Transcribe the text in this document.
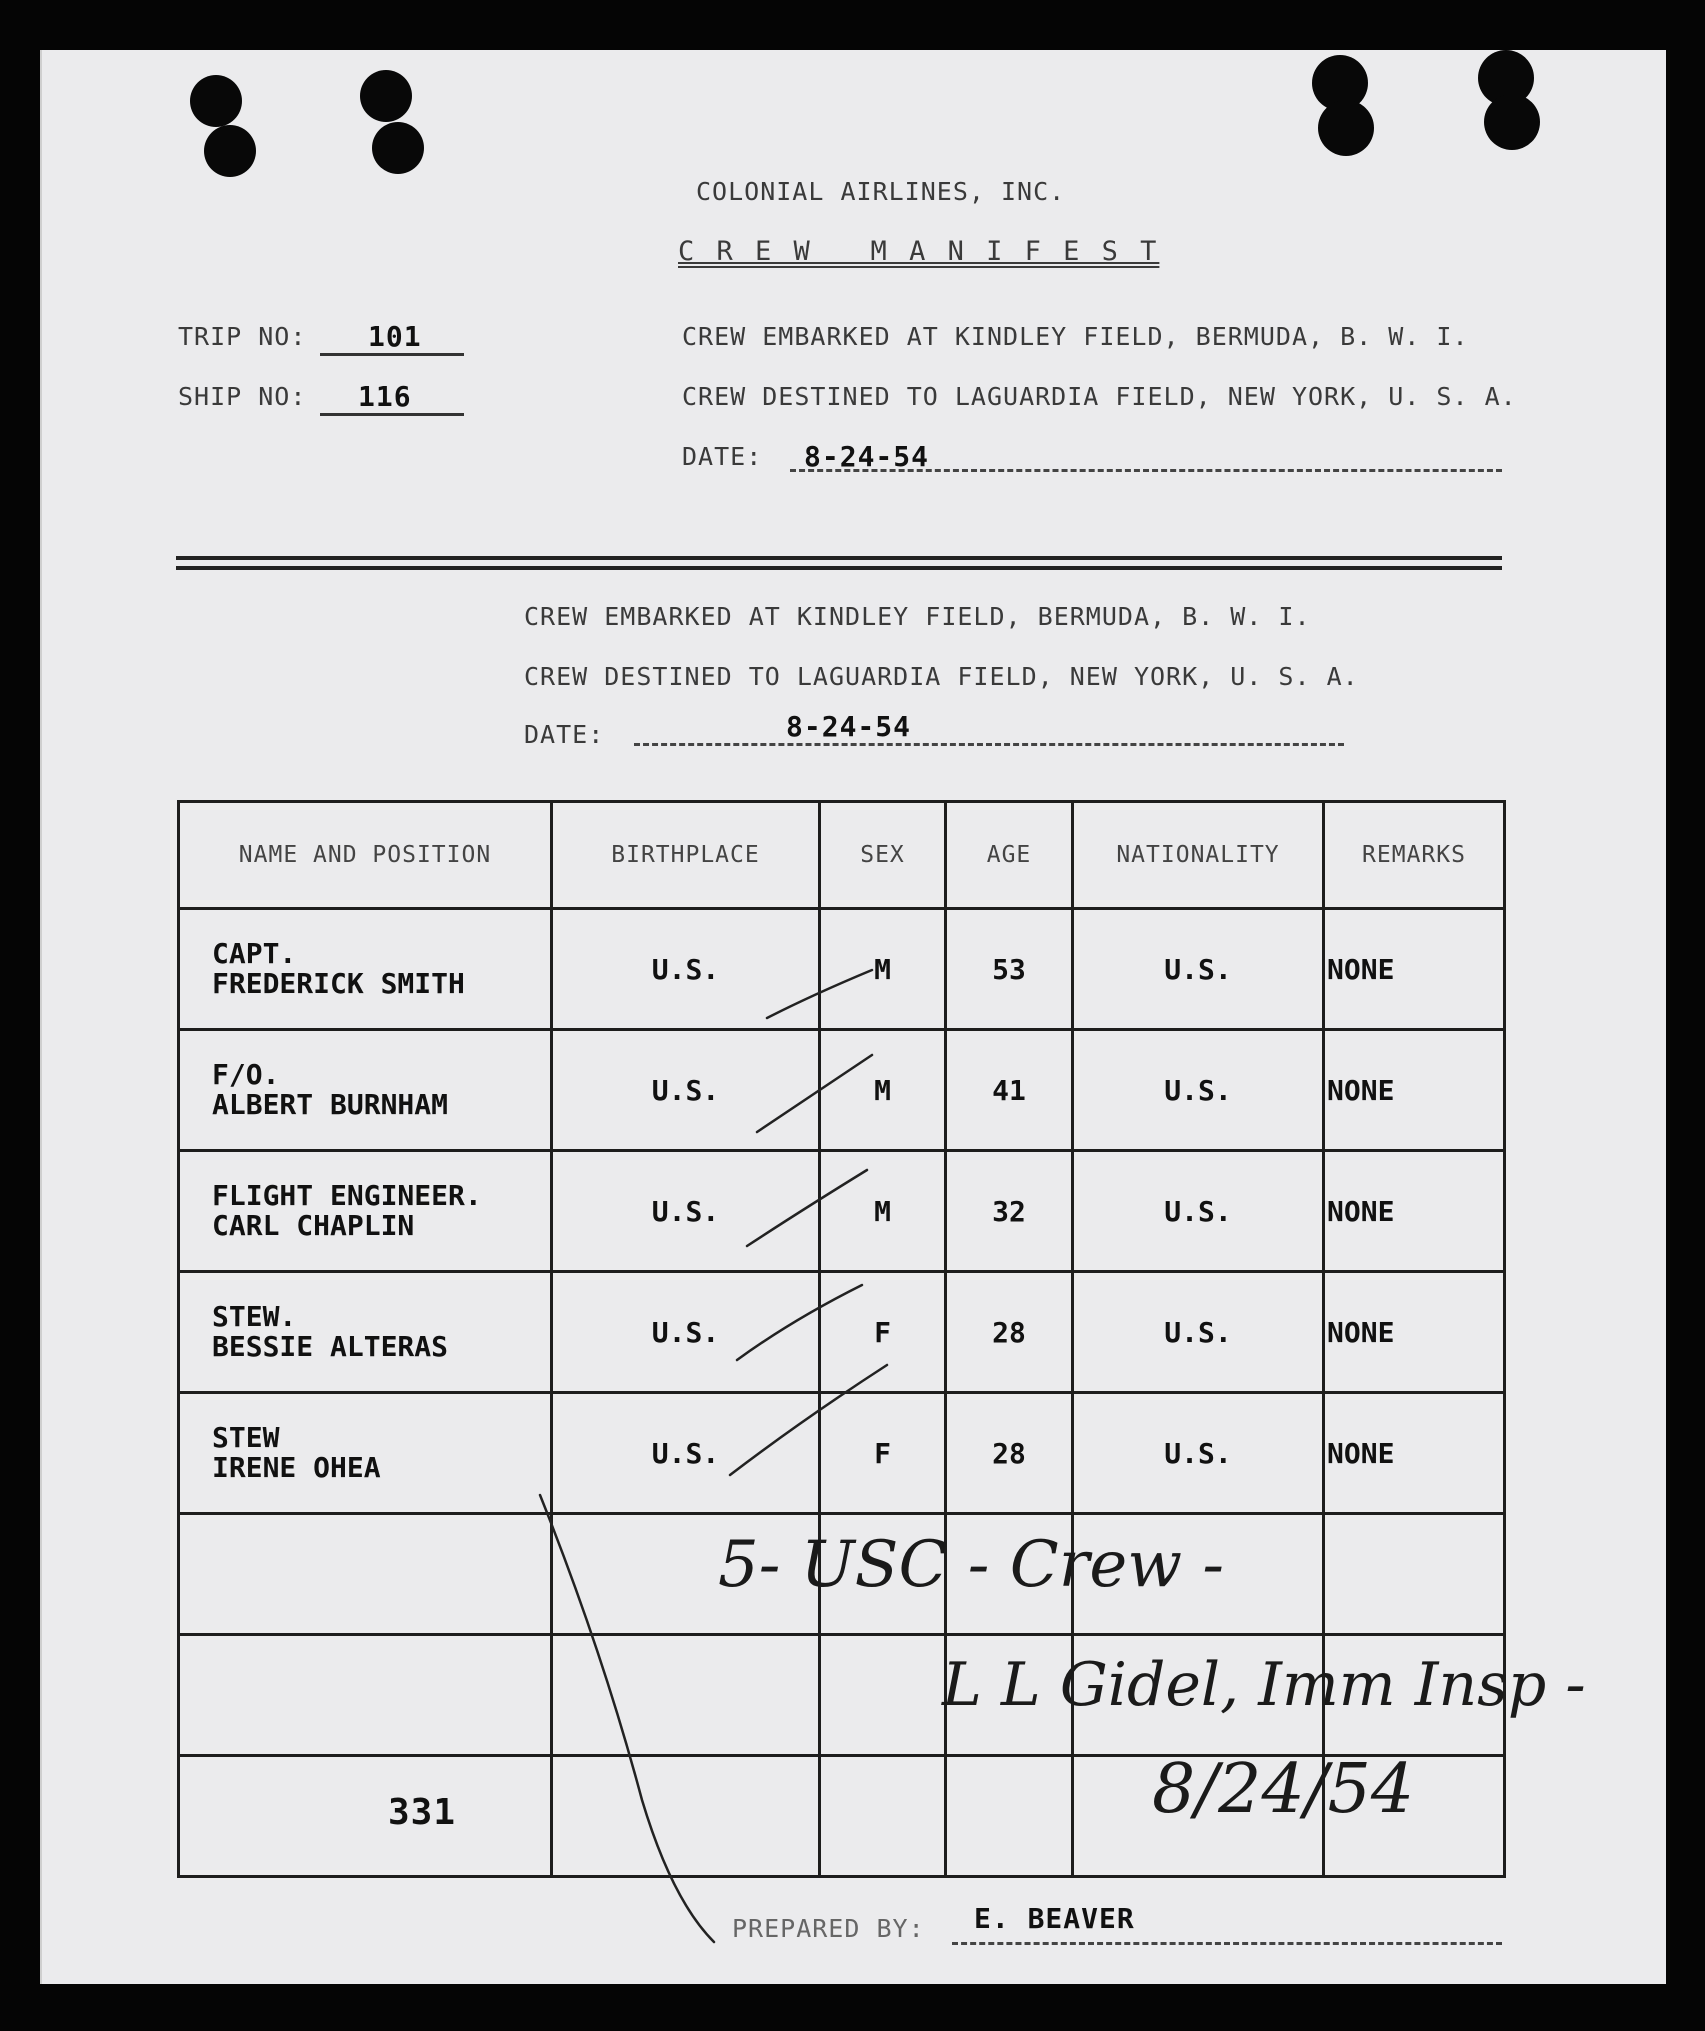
COLONIAL AIRLINES, INC.
C R E W   M A N I F E S T
TRIP NO: 101
SHIP NO: 116
CREW EMBARKED AT KINDLEY FIELD, BERMUDA, B. W. I.
CREW DESTINED TO LAGUARDIA FIELD, NEW YORK, U. S. A.
DATE: 8-24-54
CREW EMBARKED AT KINDLEY FIELD, BERMUDA, B. W. I.
CREW DESTINED TO LAGUARDIA FIELD, NEW YORK, U. S. A.
DATE:	8-24-54
NAME AND POSITION	BIRTHPLACE	SEX	AGE	NATIONALITY	REMARKS
CAPT.
FREDERICK SMITH	U.S.	M	53	U.S.	NONE
F/O.
ALBERT BURNHAM	U.S.	M	41	U.S.	NONE
FLIGHT ENGINEER.
CARL CHAPLIN	U.S.	M	32	U.S.	NONE
STEW.
BESSIE ALTERAS	U.S.	F	28	U.S.	NONE
STEW
IRENE OHEA	U.S.	F	28	U.S.	NONE

5- USC - Crew -
L L Gidel, Imm Insp -
8/24/54
331
PREPARED BY: E. BEAVER
